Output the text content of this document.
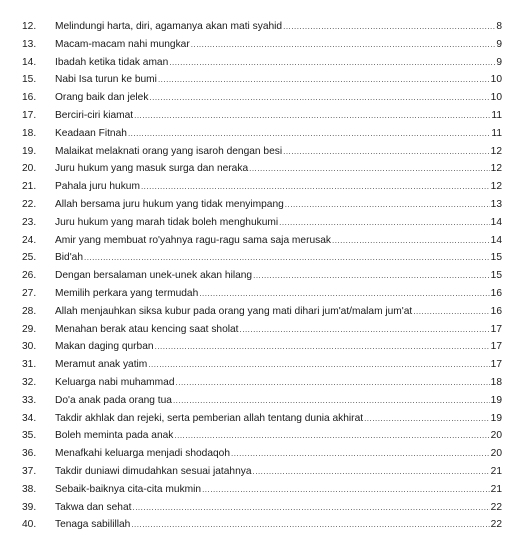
12.	Melindungi harta, diri, agamanya akan mati syahid .....	8
13.	Macam-macam nahi mungkar .....	9
14.	Ibadah ketika tidak aman .....	9
15.	Nabi Isa turun ke bumi .....	10
16.	Orang baik dan jelek .....	10
17.	Berciri-ciri kiamat .....	11
18.	Keadaan Fitnah .....	11
19.	Malaikat melaknati orang yang isaroh dengan besi .....	12
20.	Juru hukum yang masuk surga dan neraka .....	12
21.	Pahala juru hukum .....	12
22.	Allah bersama juru hukum yang tidak menyimpang .....	13
23.	Juru hukum yang marah tidak boleh menghukumi .....	14
24.	Amir yang membuat ro'yahnya ragu-ragu sama saja merusak .....	14
25.	Bid'ah .....	15
26.	Dengan bersalaman unek-unek akan hilang .....	15
27.	Memilih perkara yang termudah .....	16
28.	Allah menjauhkan siksa kubur pada orang yang mati dihari jum'at/malam jum'at .....	16
29.	Menahan berak atau kencing saat sholat .....	17
30.	Makan daging qurban .....	17
31.	Meramut anak yatim .....	17
32.	Keluarga nabi muhammad .....	18
33.	Do'a anak pada orang tua .....	19
34.	Takdir akhlak dan rejeki, serta pemberian allah tentang dunia akhirat .....	19
35.	Boleh meminta pada anak .....	20
36.	Menafkahi keluarga menjadi shodaqoh .....	20
37.	Takdir duniawi dimudahkan sesuai jatahnya .....	21
38.	Sebaik-baiknya cita-cita mukmin .....	21
39.	Takwa dan sehat .....	22
40.	Tenaga sabilillah .....	22
